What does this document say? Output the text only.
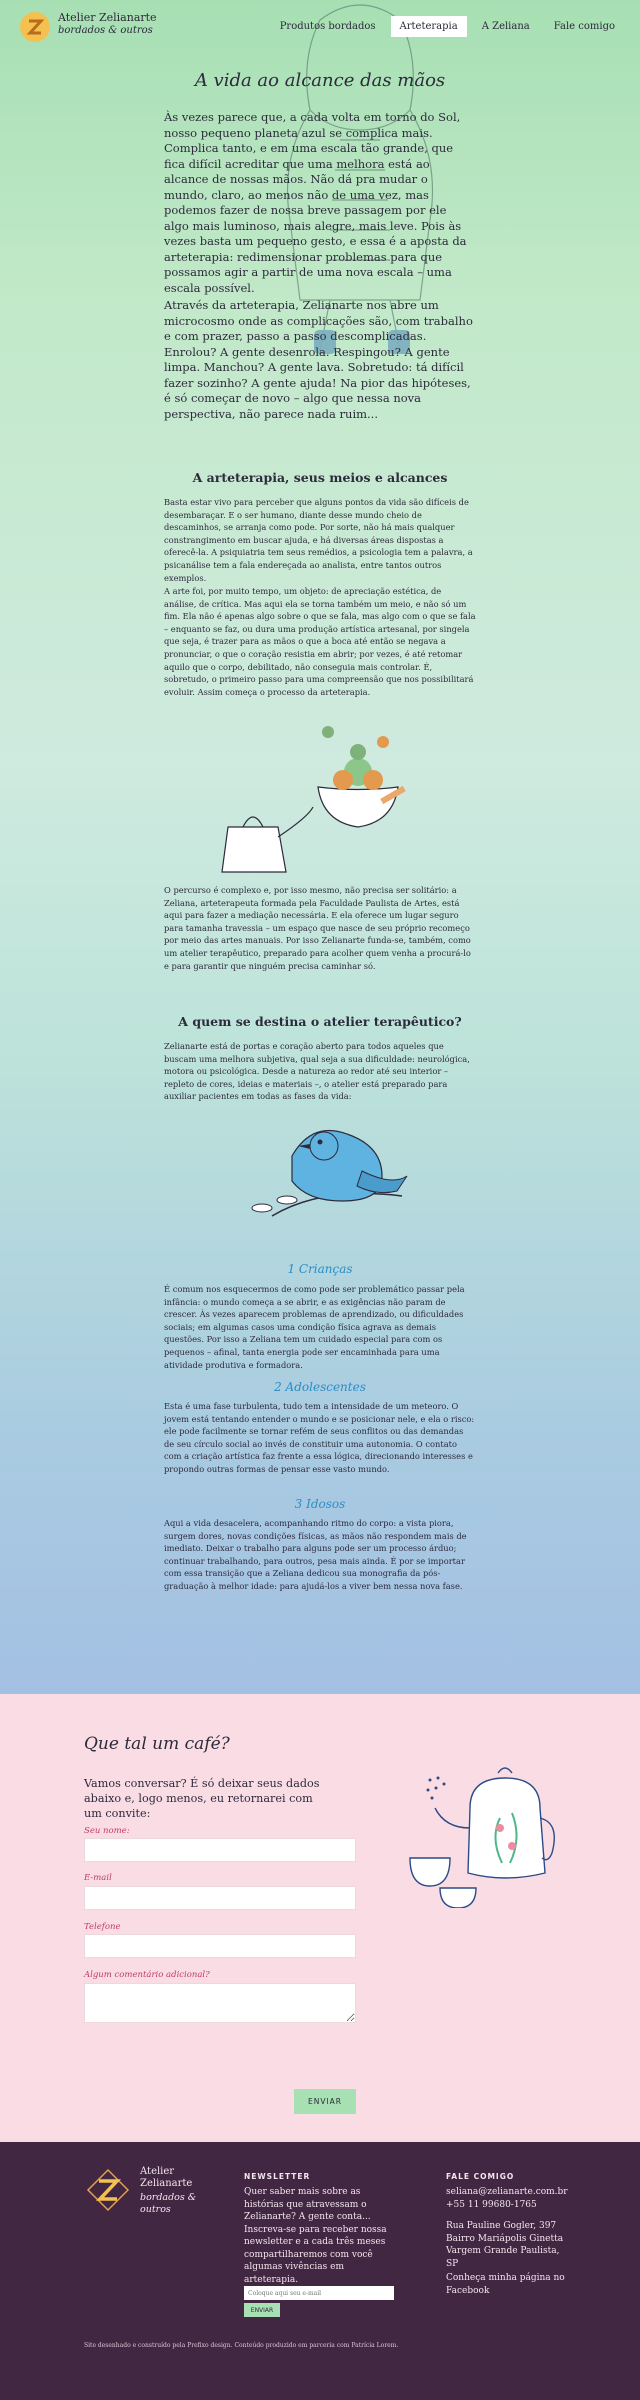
Atelier Zelianarte
bordados & outros	Produtos bordados	Arteterapia	A Zeliana	Fale comigo
A vida ao alcance das mãos

Às vezes parece que, a cada volta em torno do Sol, nosso pequeno planeta azul se complica mais. Complica tanto, e em uma escala tão grande, que fica difícil acreditar que uma melhora está ao alcance de nossas mãos. Não dá pra mudar o mundo, claro, ao menos não de uma vez, mas podemos fazer de nossa breve passagem por ele algo mais luminoso, mais alegre, mais leve. Pois às vezes basta um pequeno gesto, e essa é a aposta da arteterapia: redimensionar problemas para que possamos agir a partir de uma nova escala – uma escala possível.

Através da arteterapia, Zelianarte nos abre um microcosmo onde as complicações são, com trabalho e com prazer, passo a passo descomplicadas. Enrolou? A gente desenrola. Respingou? A gente limpa. Manchou? A gente lava. Sobretudo: tá difícil fazer sozinho? A gente ajuda! Na pior das hipóteses, é só começar de novo – algo que nessa nova perspectiva, não parece nada ruim...

A arteterapia, seus meios e alcances

Basta estar vivo para perceber que alguns pontos da vida são difíceis de desembaraçar. E o ser humano, diante desse mundo cheio de descaminhos, se arranja como pode. Por sorte, não há mais qualquer constrangimento em buscar ajuda, e há diversas áreas dispostas a oferecê-la. A psiquiatria tem seus remédios, a psicologia tem a palavra, a psicanálise tem a fala endereçada ao analista, entre tantos outros exemplos.

A arte foi, por muito tempo, um objeto: de apreciação estética, de análise, de crítica. Mas aqui ela se torna também um meio, e não só um fim. Ela não é apenas algo sobre o que se fala, mas algo com o que se fala – enquanto se faz, ou dura uma produção artística artesanal, por singela que seja, é trazer para as mãos o que a boca até então se negava a pronunciar, o que o coração resistia em abrir; por vezes, é até retomar aquilo que o corpo, debilitado, não conseguia mais controlar. É, sobretudo, o primeiro passo para uma compreensão que nos possibilitará evoluir. Assim começa o processo da arteterapia.

O percurso é complexo e, por isso mesmo, não precisa ser solitário: a Zeliana, arteterapeuta formada pela Faculdade Paulista de Artes, está aqui para fazer a mediação necessária. E ela oferece um lugar seguro para tamanha travessia – um espaço que nasce de seu próprio recomeço por meio das artes manuais. Por isso Zelianarte funda-se, também, como um atelier terapêutico, preparado para acolher quem venha a procurá-lo e para garantir que ninguém precisa caminhar só.

A quem se destina o atelier terapêutico?

Zelianarte está de portas e coração aberto para todos aqueles que buscam uma melhora subjetiva, qual seja a sua dificuldade: neurológica, motora ou psicológica. Desde a natureza ao redor até seu interior – repleto de cores, ideias e materiais –, o atelier está preparado para auxiliar pacientes em todas as fases da vida:

1 Crianças

É comum nos esquecermos de como pode ser problemático passar pela infância: o mundo começa a se abrir, e as exigências não param de crescer. Às vezes aparecem problemas de aprendizado, ou dificuldades sociais; em algumas casos uma condição física agrava as demais questões. Por isso a Zeliana tem um cuidado especial para com os pequenos – afinal, tanta energia pode ser encaminhada para uma atividade produtiva e formadora.

2 Adolescentes

Esta é uma fase turbulenta, tudo tem a intensidade de um meteoro. O jovem está tentando entender o mundo e se posicionar nele, e ela o risco: ele pode facilmente se tornar refém de seus conflitos ou das demandas de seu círculo social ao invés de constituir uma autonomia. O contato com a criação artística faz frente a essa lógica, direcionando interesses e propondo outras formas de pensar esse vasto mundo.

3 Idosos

Aqui a vida desacelera, acompanhando ritmo do corpo: a vista piora, surgem dores, novas condições físicas, as mãos não respondem mais de imediato. Deixar o trabalho para alguns pode ser um processo árduo; continuar trabalhando, para outros, pesa mais ainda. É por se importar com essa transição que a Zeliana dedicou sua monografia da pós-graduação à melhor idade: para ajudá-los a viver bem nessa nova fase.

Que tal um café?

Vamos conversar? É só deixar seus dados abaixo e, logo menos, eu retornarei com um convite:

Seu nome:
E-mail
Telefone
Algum comentário adicional?
ENVIAR
Atelier Zelianarte
bordados & outros
NEWSLETTER

Quer saber mais sobre as histórias que atravessam o Zelianarte? A gente conta... Inscreva-se para receber nossa newsletter e a cada três meses compartilharemos com você algumas vivências em arteterapia.

Coloque aqui seu e-mail
ENVIAR
FALE COMIGO
seliana@zelianarte.com.br
+55 11 99680-1765
Rua Pauline Gogler, 397 Bairro Mariápolis Ginetta Vargem Grande Paulista, SP
Conheça minha página no Facebook
Site desenhado e construído pela Prefixo design. Conteúdo produzido em parceria com Patrícia Lorem.
